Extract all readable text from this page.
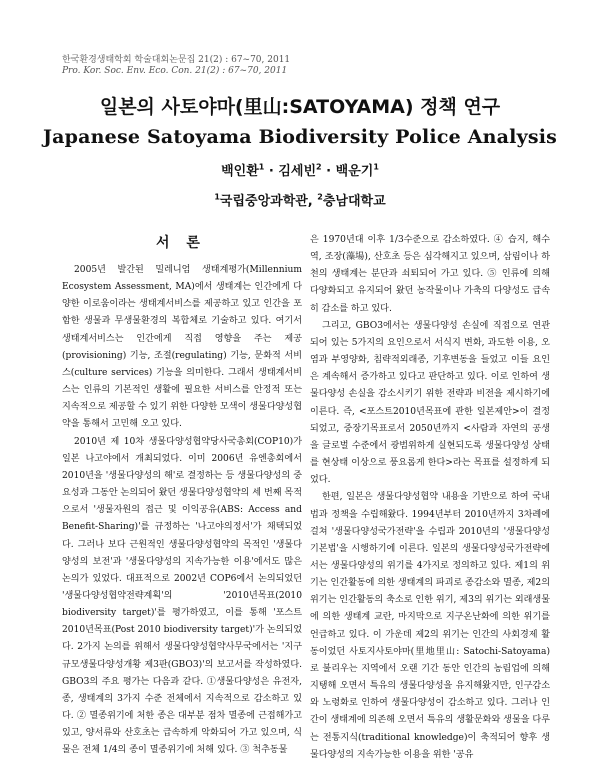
한국환경생태학회 학술대회논문집 21(2) : 67~70, 2011
Pro. Kor. Soc. Env. Eco. Con. 21(2) : 67~70, 2011
일본의 사토야마(里山:SATOYAMA) 정책 연구
Japanese Satoyama Biodiversity Police Analysis
백인환$^1$ · 김세빈$^2$ · 백운기$^1$
$^1$국립중앙과학관, $^2$충남대학교
서 론

2005년 발간된 밀레니엄 생태계평가(Millennium Ecosystem Assessment, MA)에서 생태계는 인간에게 다양한 이로움이라는 생태계서비스를 제공하고 있고 인간을 포함한 생물과 무생물환경의 복합체로 기술하고 있다. 여기서 생태계서비스는 인간에게 직접 영향을 주는 제공(provisioning) 기능, 조절(regulating) 기능, 문화적 서비스(culture services) 기능을 의미한다. 그래서 생태계서비스는 인류의 기본적인 생활에 필요한 서비스를 안정적 또는 지속적으로 제공할 수 있기 위한 다양한 모색이 생물다양성협약을 통해서 고민해 오고 있다.

2010년 제 10차 생물다양성협약당사국총회(COP10)가 일본 나고야에서 개최되었다. 이미 2006년 유엔총회에서 2010년을 '생물다양성의 해'로 결정하는 등 생물다양성의 중요성과 그동안 논의되어 왔던 생물다양성협약의 세 번째 목적으로서 '생물자원의 접근 및 이익공유(ABS: Access and Benefit-Sharing)'를 규정하는 '나고야의정서'가 채택되었다. 그러나 보다 근원적인 생물다양성협약의 목적인 '생물다양성의 보전'과 '생물다양성의 지속가능한 이용'에서도 많은 논의가 있었다. 대표적으로 2002년 COP6에서 논의되었던 '생물다양성협약전략계획'의 '2010년목표(2010 biodiversity target)'를 평가하였고, 이를 통해 '포스트2010년목표(Post 2010 biodiversity target)'가 논의되었다. 2가지 논의를 위해서 생물다양성협약사무국에서는 '지구규모생물다양성개황 제3판(GBO3)'의 보고서를 작성하였다. GBO3의 주요 평가는 다음과 같다. ①생물다양성은 유전자, 종, 생태계의 3가지 수준 전체에서 지속적으로 감소하고 있다. ② 멸종위기에 처한 종은 대부분 점차 멸종에 근접해가고 있고, 양서류와 산호초는 급속하게 악화되어 가고 있으며, 식물은 전체 1/4의 종이 멸종위기에 처해 있다. ③ 척추동물

은 1970년대 이후 1/3수준으로 감소하였다. ④ 습지, 해수역, 조장(藻場), 산호초 등은 심각해지고 있으며, 삼림이나 하천의 생태계는 분단과 쇠퇴되어 가고 있다. ⑤ 인류에 의해 다양화되고 유지되어 왔던 농작물이나 가축의 다양성도 급속히 감소를 하고 있다.

그리고, GBO3에서는 생물다양성 손실에 직접으로 연관되어 있는 5가지의 요인으로서 서식지 변화, 과도한 이용, 오염과 부영양화, 침략적외래종, 기후변동을 들었고 이들 요인은 계속해서 증가하고 있다고 판단하고 있다. 이로 인하여 생물다양성 손실을 감소시키기 위한 전략과 비전을 제시하기에 이른다. 즉, <포스트2010년목표에 관한 일본제안>이 결정되었고, 중장기목표로서 2050년까지 <사람과 자연의 공생을 글로벌 수준에서 광범위하게 실현되도록 생물다양성 상태를 현상태 이상으로 풍요롭게 한다>라는 목표를 설정하게 되었다.

한편, 일본은 생물다양성협약 내용을 기반으로 하여 국내법과 정책을 수립해왔다. 1994년부터 2010년까지 3차례에 걸쳐 '생물다양성국가전략'을 수립과 2010년의 '생물다양성기본법'을 시행하기에 이른다. 일본의 생물다양성국가전략에서는 생물다양성의 위기를 4가지로 정의하고 있다. 제1의 위기는 인간활동에 의한 생태계의 파괴로 종감소와 멸종, 제2의 위기는 인간활동의 축소로 인한 위기, 제3의 위기는 외래생물에 의한 생태계 교란, 마지막으로 지구온난화에 의한 위기를 언급하고 있다. 이 가운데 제2의 위기는 인간의 사회경제 활동이었던 사토지사토야마(里地里山: Satochi-Satoyama)로 불리우는 지역에서 오랜 기간 동안 인간의 농림업에 의해 지탱해 오면서 특유의 생물다양성을 유지해왔지만, 인구감소와 노령화로 인하여 생물다양성이 감소하고 있다. 그러나 인간이 생태계에 의존해 오면서 특유의 생활문화와 생물을 다루는 전통지식(traditional knowledge)이 축적되어 향후 생물다양성의 지속가능한 이용을 위한 '공유
